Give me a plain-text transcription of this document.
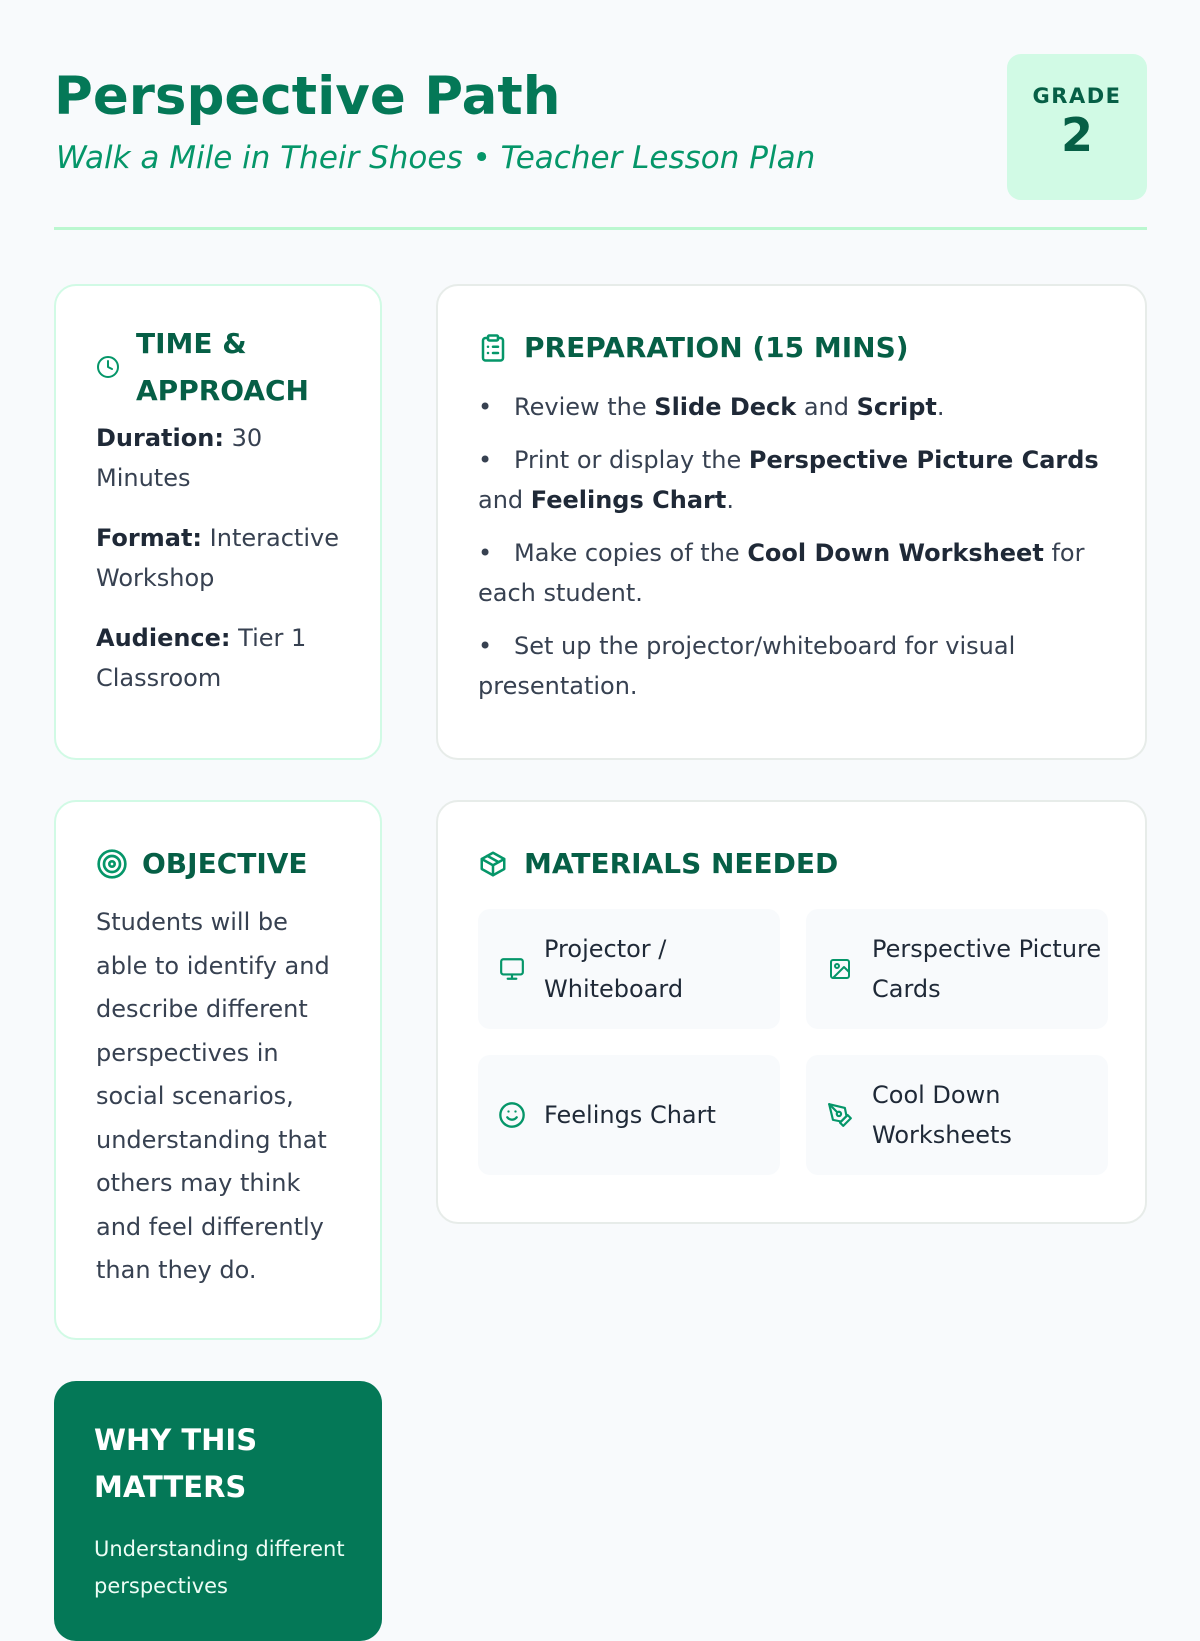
Perspective Path

Walk a Mile in Their Shoes • Teacher Lesson Plan

GRADE
2
TIME & APPROACH

Duration: 30 Minutes

Format: Interactive Workshop

Audience: Tier 1 Classroom

PREPARATION (15 MINS)
• Review the Slide Deck and Script.
• Print or display the Perspective Picture Cards and Feelings Chart.
• Make copies of the Cool Down Worksheet for each student.
• Set up the projector/whiteboard for visual presentation.
OBJECTIVE

Students will be able to identify and describe different perspectives in social scenarios, understanding that others may think and feel differently than they do.

MATERIALS NEEDED
Projector / Whiteboard
Perspective Picture Cards
Feelings Chart
Cool Down Worksheets
WHY THIS MATTERS

Understanding different perspectives
